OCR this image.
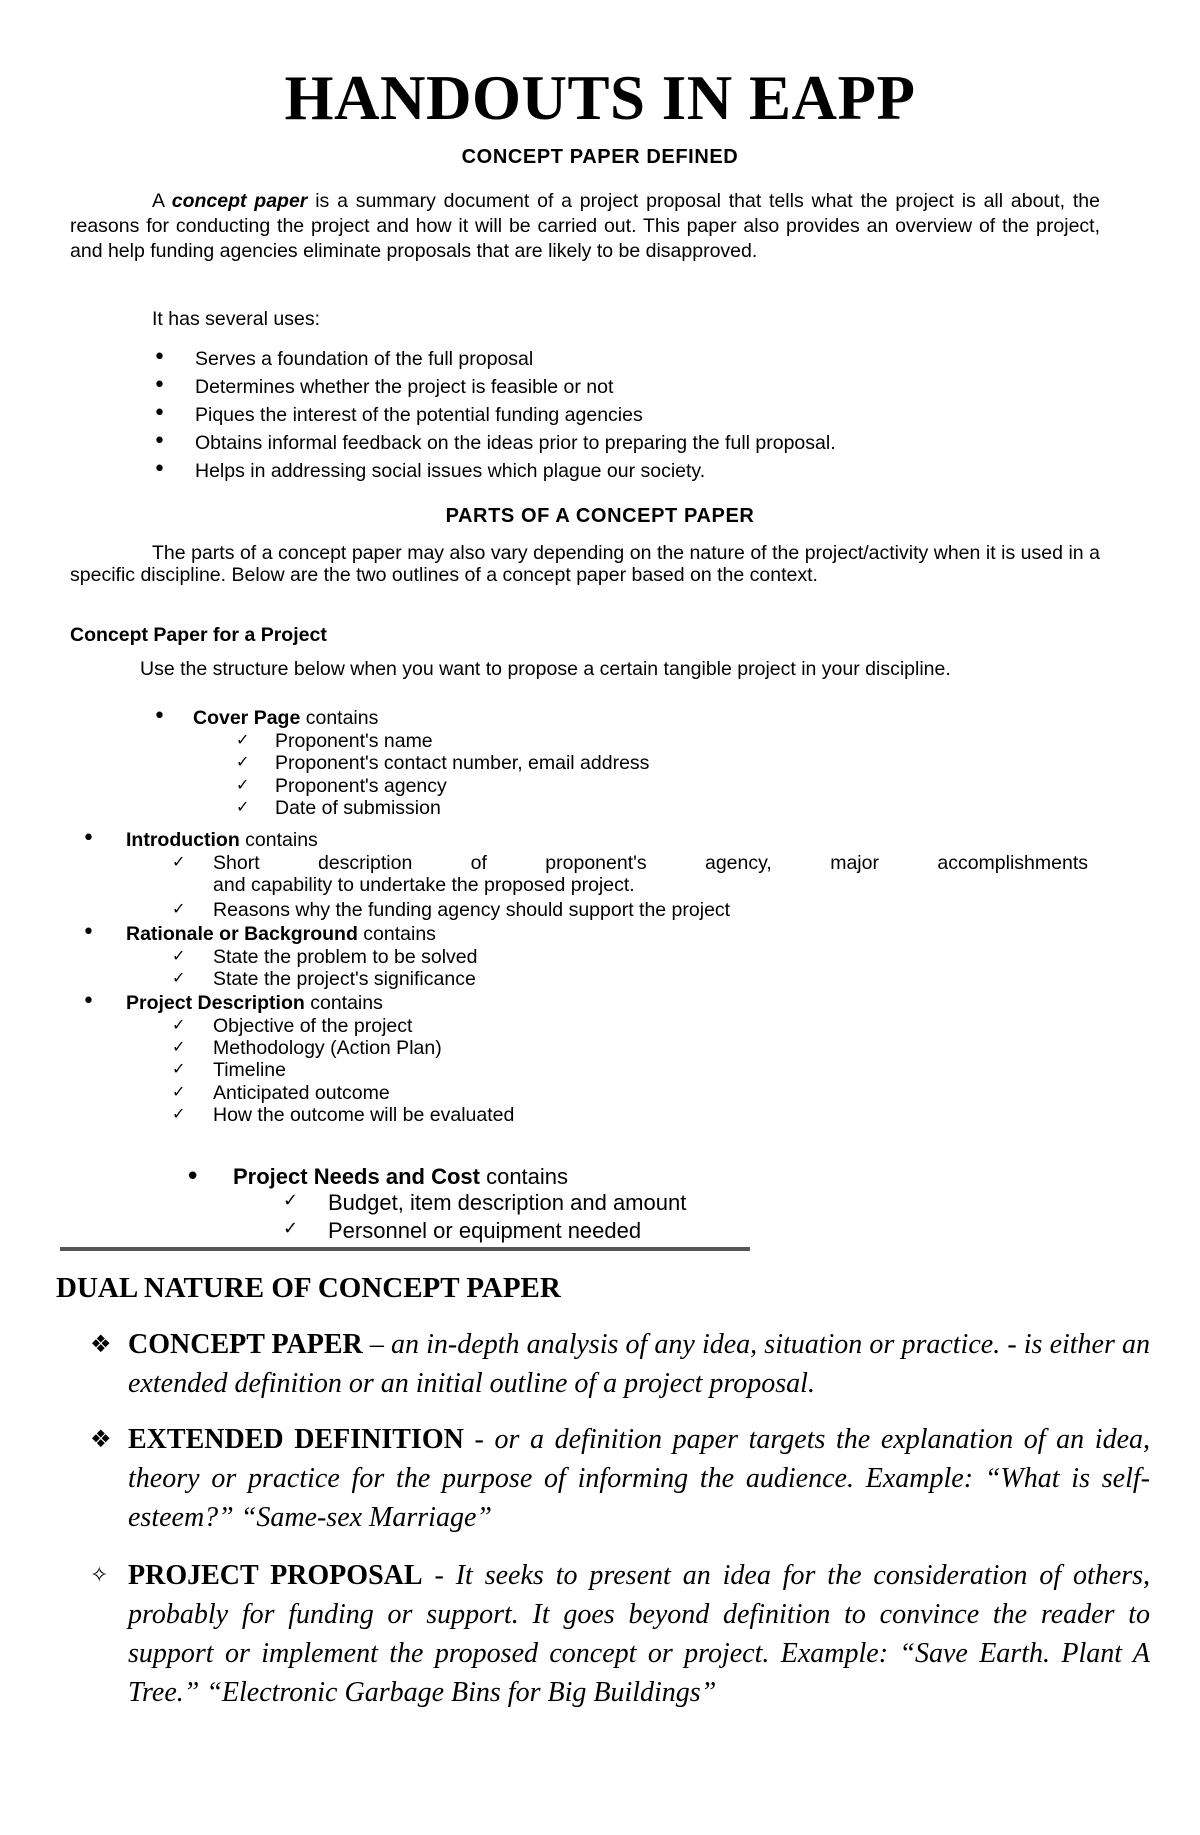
HANDOUTS IN EAPP
CONCEPT PAPER DEFINED
A concept paper is a summary document of a project proposal that tells what the project is all about, the reasons for conducting the project and how it will be carried out. This paper also provides an overview of the project, and help funding agencies eliminate proposals that are likely to be disapproved.
It has several uses:
• Serves a foundation of the full proposal
• Determines whether the project is feasible or not
• Piques the interest of the potential funding agencies
• Obtains informal feedback on the ideas prior to preparing the full proposal.
• Helps in addressing social issues which plague our society.
PARTS OF A CONCEPT PAPER
The parts of a concept paper may also vary depending on the nature of the project/activity when it is used in a specific discipline. Below are the two outlines of a concept paper based on the context.
Concept Paper for a Project
Use the structure below when you want to propose a certain tangible project in your discipline.
• Cover Page contains
✓ Proponent's name
✓ Proponent's contact number, email address
✓ Proponent's agency
✓ Date of submission
• Introduction contains
✓ Short description of proponent's agency, major accomplishments
and capability to undertake the proposed project.
✓ Reasons why the funding agency should support the project
• Rationale or Background contains
✓ State the problem to be solved
✓ State the project's significance
• Project Description contains
✓ Objective of the project
✓ Methodology (Action Plan)
✓ Timeline
✓ Anticipated outcome
✓ How the outcome will be evaluated
• Project Needs and Cost contains
✓ Budget, item description and amount
✓ Personnel or equipment needed
DUAL NATURE OF CONCEPT PAPER
❖ CONCEPT PAPER – an in-depth analysis of any idea, situation or practice. - is either an extended definition or an initial outline of a project proposal.
❖ EXTENDED DEFINITION - or a definition paper targets the explanation of an idea, theory or practice for the purpose of informing the audience. Example: “What is self-esteem?” “Same-sex Marriage”
✧ PROJECT PROPOSAL - It seeks to present an idea for the consideration of others, probably for funding or support. It goes beyond definition to convince the reader to support or implement the proposed concept or project. Example: “Save Earth. Plant A Tree.” “Electronic Garbage Bins for Big Buildings”
